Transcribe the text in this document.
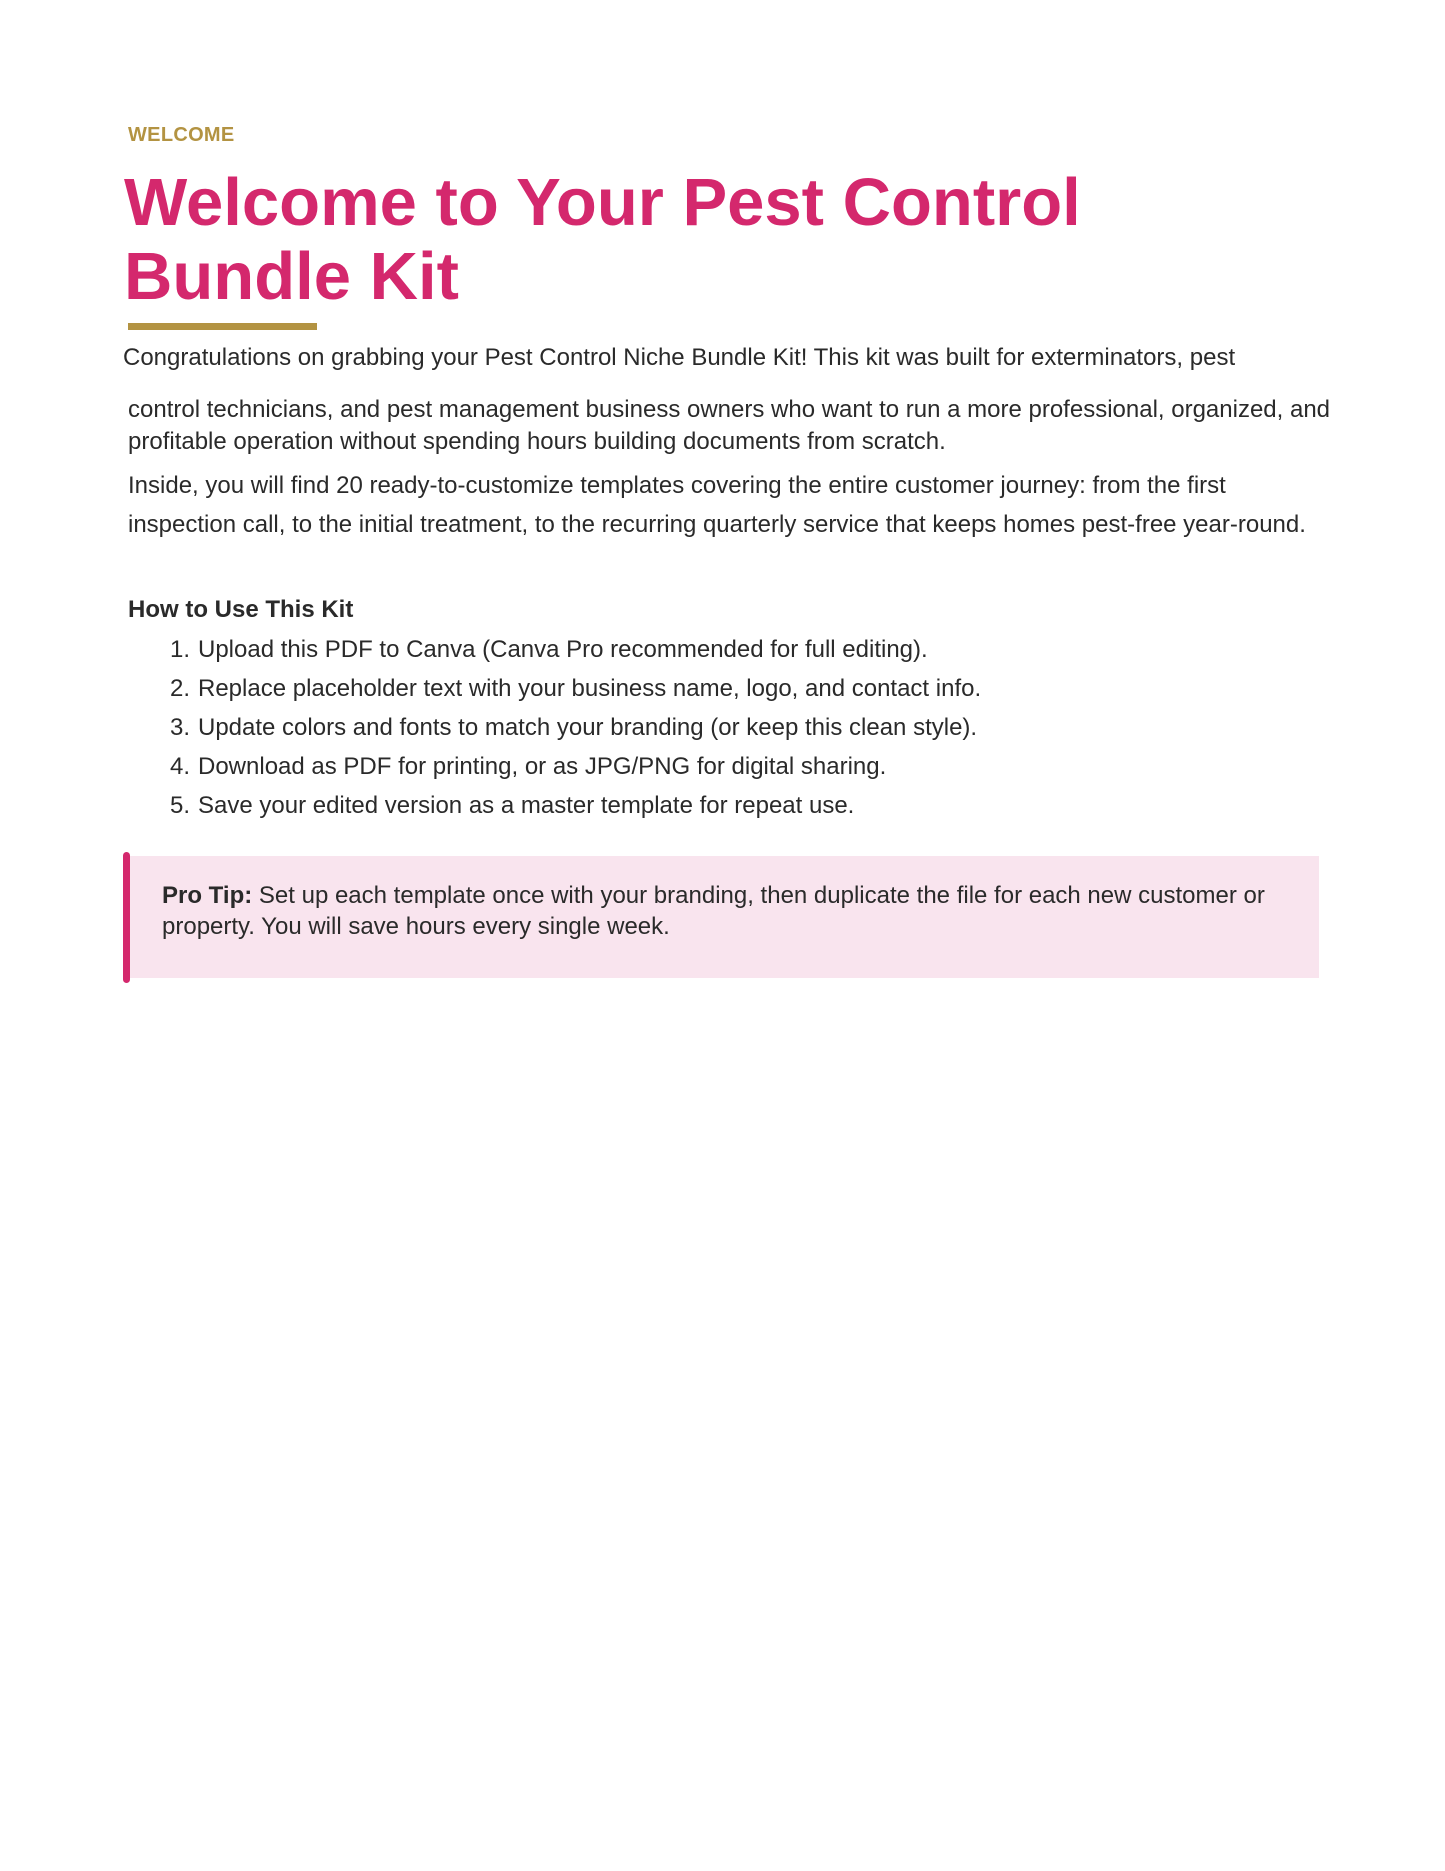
WELCOME
Welcome to Your Pest Control Bundle Kit
Congratulations on grabbing your Pest Control Niche Bundle Kit! This kit was built for exterminators, pest
control technicians, and pest management business owners who want to run a more professional, organized, and profitable operation without spending hours building documents from scratch.
Inside, you will find 20 ready-to-customize templates covering the entire customer journey: from the first
inspection call, to the initial treatment, to the recurring quarterly service that keeps homes pest-free year-round.
How to Use This Kit
1. Upload this PDF to Canva (Canva Pro recommended for full editing).
2. Replace placeholder text with your business name, logo, and contact info.
3. Update colors and fonts to match your branding (or keep this clean style).
4. Download as PDF for printing, or as JPG/PNG for digital sharing.
5. Save your edited version as a master template for repeat use.
Pro Tip: Set up each template once with your branding, then duplicate the file for each new customer or property. You will save hours every single week.
